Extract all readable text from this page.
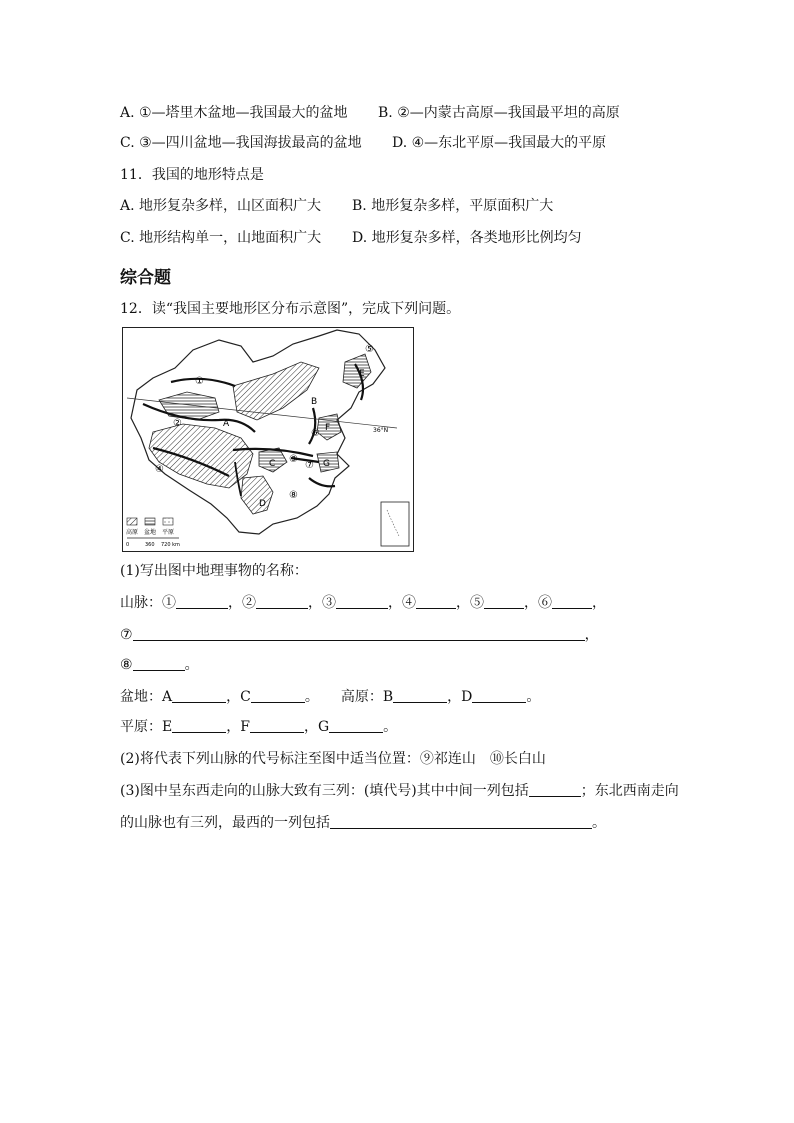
A. ①—塔里木盆地—我国最大的盆地 B. ②—内蒙古高原—我国最平坦的高原
C. ③—四川盆地—我国海拔最高的盆地 D. ④—东北平原—我国最大的平原
11．我国的地形特点是
A. 地形复杂多样，山区面积广大 B. 地形复杂多样，平原面积广大
C. 地形结构单一，山地面积广大 D. 地形复杂多样，各类地形比例均匀
综合题
12．读“我国主要地形区分布示意图”，完成下列问题。
36°N
A
B
C
D
E
F
G
①
②
③
④
⑤
⑥
⑦
⑧
高原 盆地 平原
0	360 720 km
(1)写出图中地理事物的名称：
山脉：①	，②	，③	，④	，⑤	，⑥	，
⑦	，
⑧	。
盆地：A	，C	。 高原：B	，D	。
平原：E	，F	，G	。
(2)将代表下列山脉的代号标注至图中适当位置：⑨祁连山　⑩长白山
(3)图中呈东西走向的山脉大致有三列：(填代号)其中中间一列包括	；东北西南走向
的山脉也有三列，最西的一列包括	。
